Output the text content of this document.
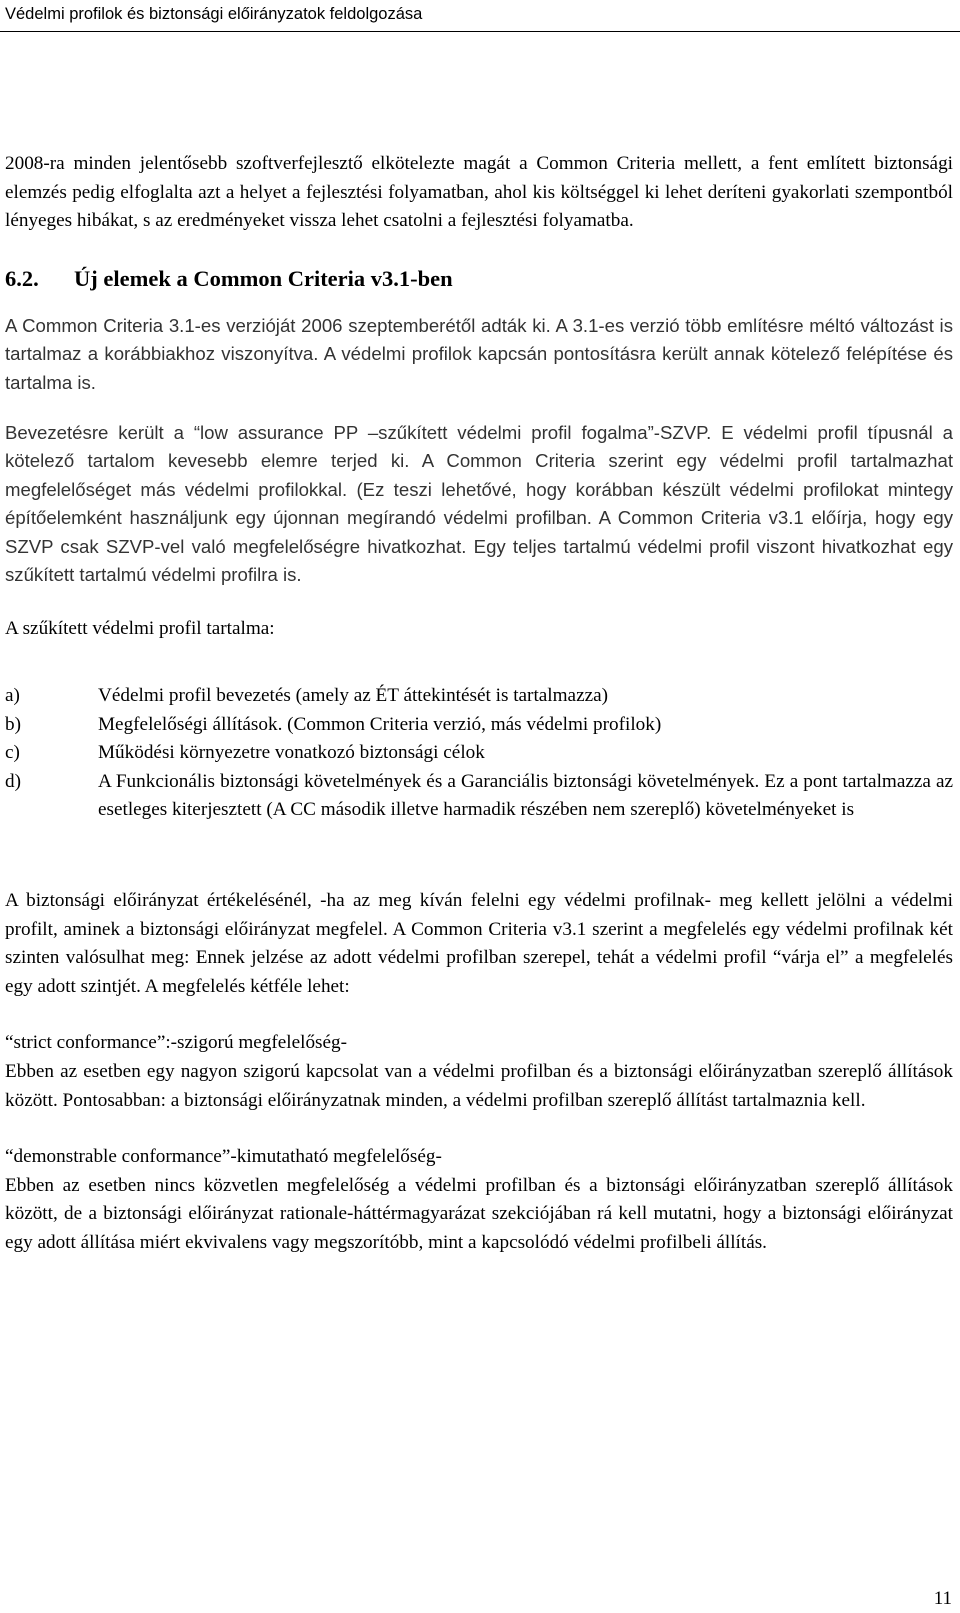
Védelmi profilok és biztonsági előirányzatok feldolgozása

2008-ra minden jelentősebb szoftverfejlesztő elkötelezte magát a Common Criteria mellett, a fent említett biztonsági elemzés pedig elfoglalta azt a helyet a fejlesztési folyamatban, ahol kis költséggel ki lehet deríteni gyakorlati szempontból lényeges hibákat, s az eredményeket vissza lehet csatolni a fejlesztési folyamatba.

6.2.	Új elemek a Common Criteria v3.1-ben

A Common Criteria 3.1-es verzióját 2006 szeptemberétől adták ki. A 3.1-es verzió több említésre méltó változást is tartalmaz a korábbiakhoz viszonyítva. A védelmi profilok kapcsán pontosításra került annak kötelező felépítése és tartalma is.

Bevezetésre került a “low assurance PP –szűkített védelmi profil fogalma”-SZVP. E védelmi profil típusnál a kötelező tartalom kevesebb elemre terjed ki. A Common Criteria szerint egy védelmi profil tartalmazhat megfelelőséget más védelmi profilokkal. (Ez teszi lehetővé, hogy korábban készült védelmi profilokat mintegy építőelemként használjunk egy újonnan megírandó védelmi profilban. A Common Criteria v3.1 előírja, hogy egy SZVP csak SZVP-vel való megfelelőségre hivatkozhat. Egy teljes tartalmú védelmi profil viszont hivatkozhat egy szűkített tartalmú védelmi profilra is.

A szűkített védelmi profil tartalma:

a)	Védelmi profil bevezetés (amely az ÉT áttekintését is tartalmazza)
b)	Megfelelőségi állítások. (Common Criteria verzió, más védelmi profilok)
c)	Működési környezetre vonatkozó biztonsági célok
d)	A Funkcionális biztonsági követelmények és a Garanciális biztonsági követelmények. Ez a pont tartalmazza az esetleges kiterjesztett (A CC második illetve harmadik részében nem szereplő) követelményeket is

A biztonsági előirányzat értékelésénél, -ha az meg kíván felelni egy védelmi profilnak- meg kellett jelölni a védelmi profilt, aminek a biztonsági előirányzat megfelel. A Common Criteria v3.1 szerint a megfelelés egy védelmi profilnak két szinten valósulhat meg: Ennek jelzése az adott védelmi profilban szerepel, tehát a védelmi profil “várja el” a megfelelés egy adott szintjét. A megfelelés kétféle lehet:

“strict conformance”:-szigorú megfelelőség-

Ebben az esetben egy nagyon szigorú kapcsolat van a védelmi profilban és a biztonsági előirányzatban szereplő állítások között. Pontosabban: a biztonsági előirányzatnak minden, a védelmi profilban szereplő állítást tartalmaznia kell.

“demonstrable conformance”-kimutatható megfelelőség-

Ebben az esetben nincs közvetlen megfelelőség a védelmi profilban és a biztonsági előirányzatban szereplő állítások között, de a biztonsági előirányzat rationale-háttérmagyarázat szekciójában rá kell mutatni, hogy a biztonsági előirányzat egy adott állítása miért ekvivalens vagy megszorítóbb, mint a kapcsolódó védelmi profilbeli állítás.

11
